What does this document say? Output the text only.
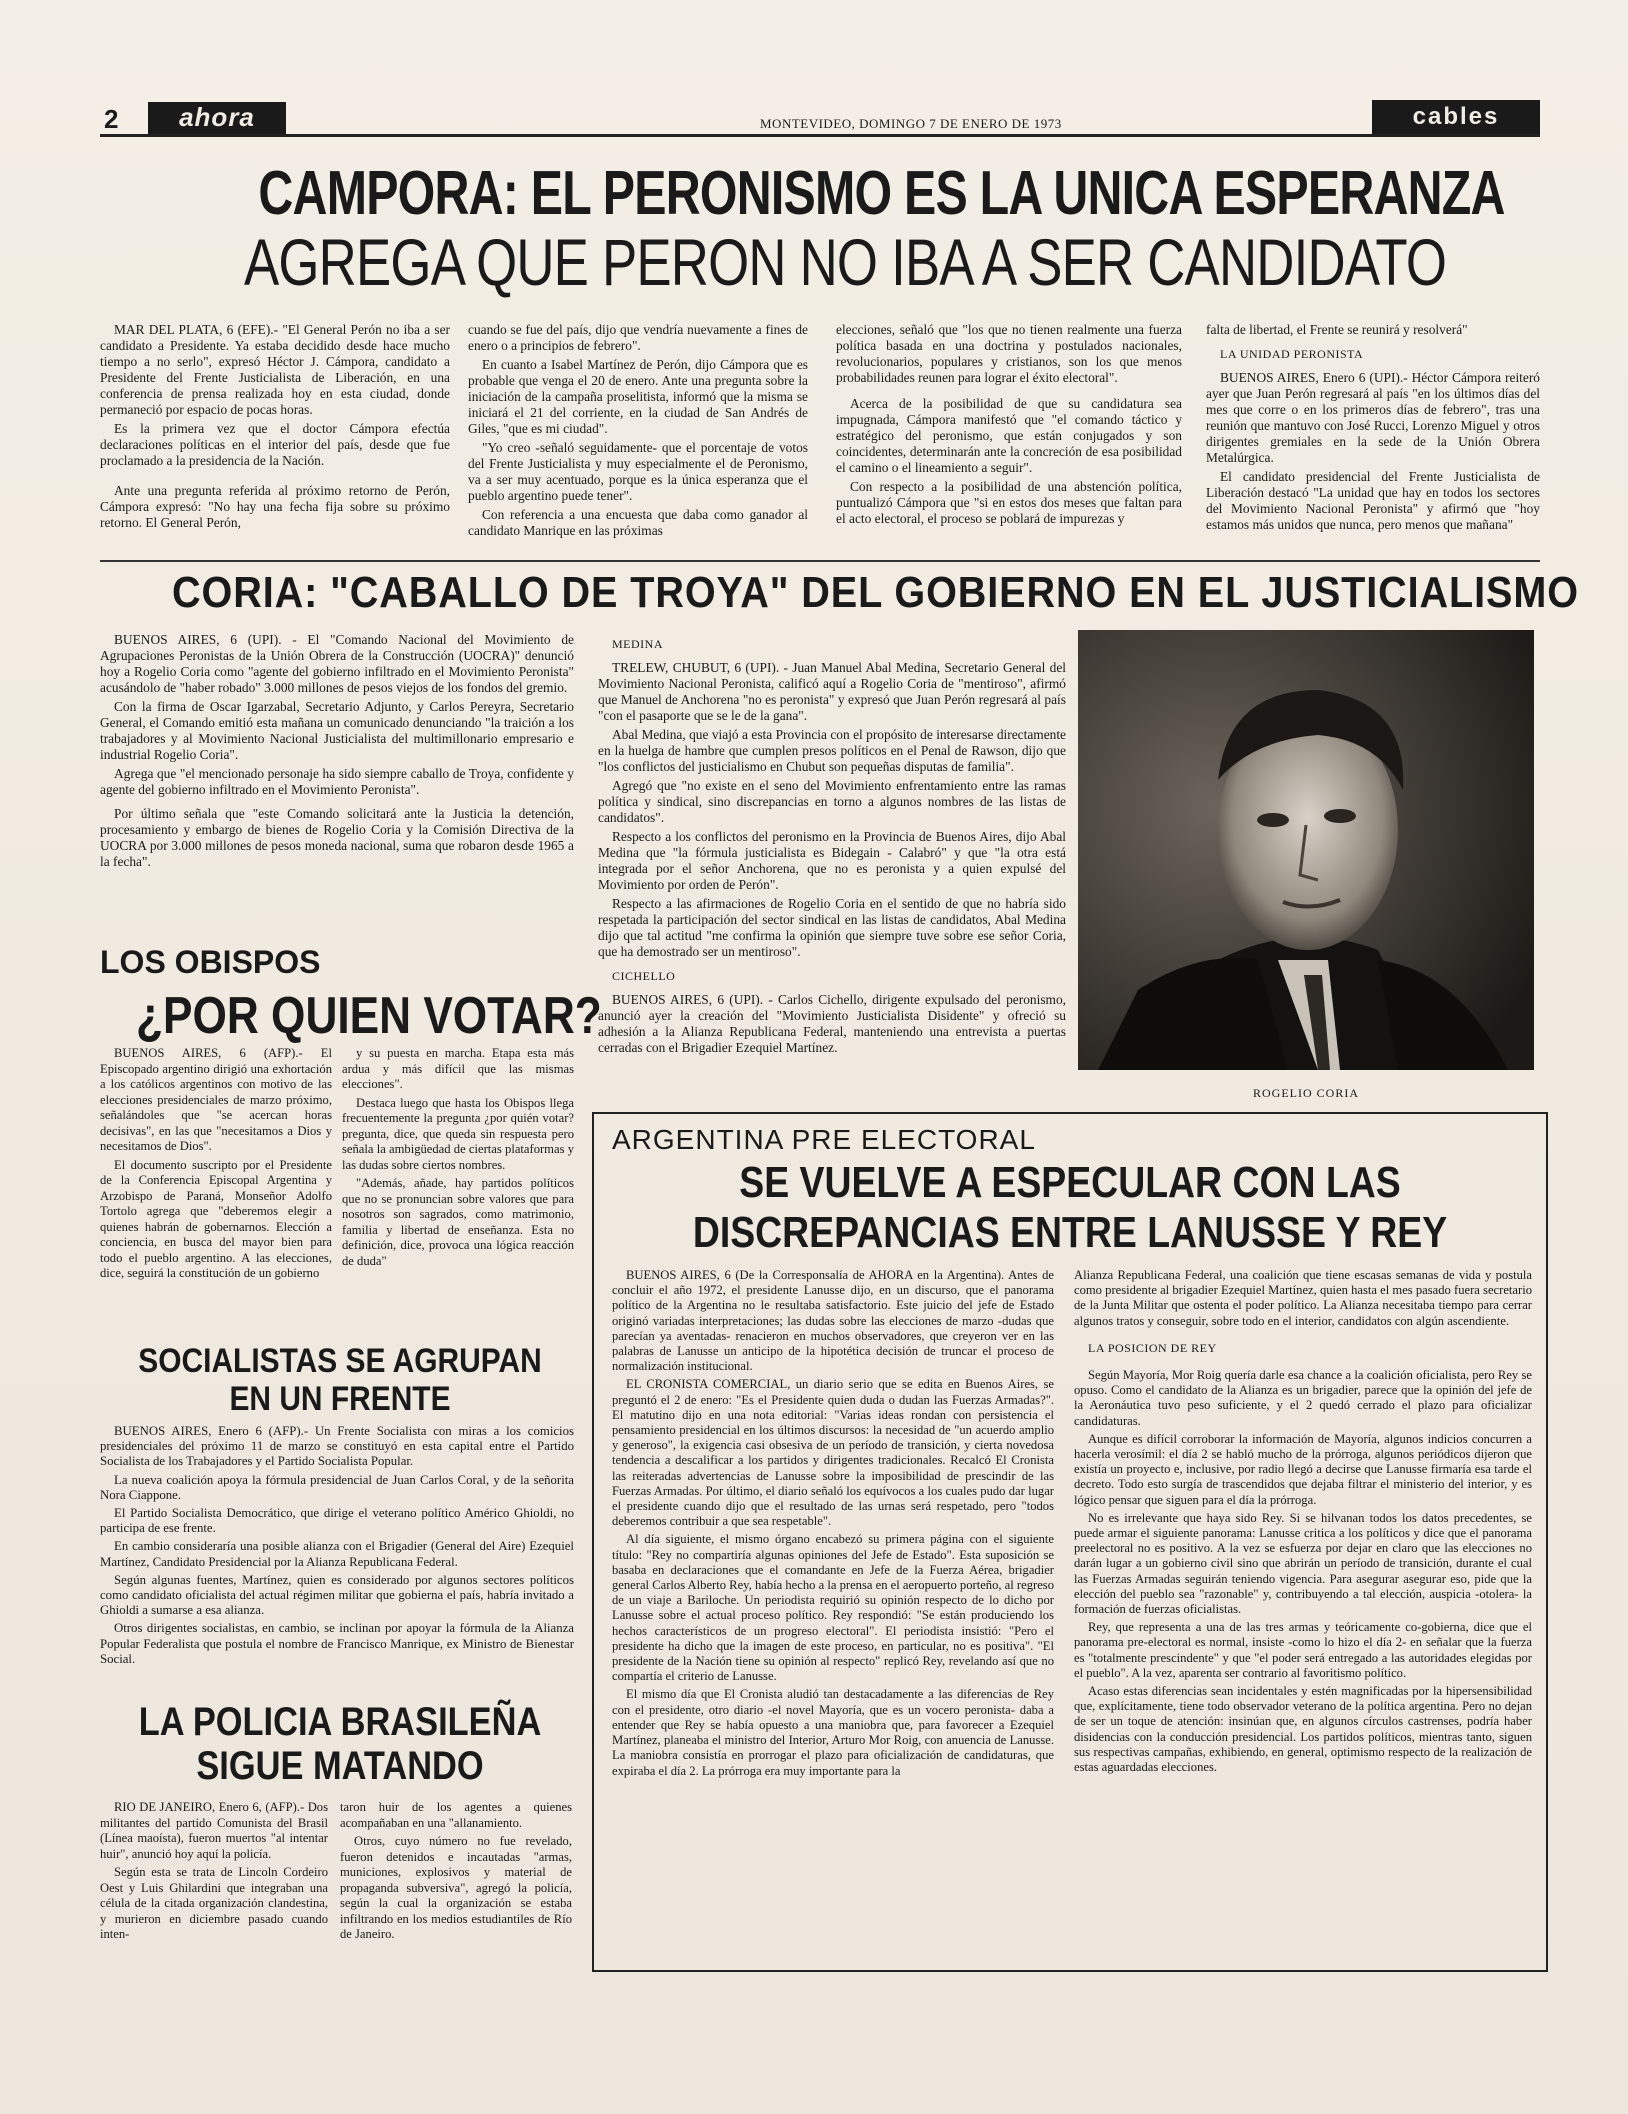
2	ahora	MONTEVIDEO, DOMINGO 7 DE ENERO DE 1973	cables
CAMPORA: EL PERONISMO ES LA UNICA ESPERANZA
AGREGA QUE PERON NO IBA A SER CANDIDATO

MAR DEL PLATA, 6 (EFE).- "El General Perón no iba a ser candidato a Presidente. Ya estaba decidido desde hace mucho tiempo a no serlo", expresó Héctor J. Cámpora, candidato a Presidente del Frente Justicialista de Liberación, en una conferencia de prensa realizada hoy en esta ciudad, donde permaneció por espacio de pocas horas.

Es la primera vez que el doctor Cámpora efectúa declaraciones políticas en el interior del país, desde que fue proclamado a la presidencia de la Nación.

Ante una pregunta referida al próximo retorno de Perón, Cámpora expresó: "No hay una fecha fija sobre su próximo retorno. El General Perón,

cuando se fue del país, dijo que vendría nuevamente a fines de enero o a principios de febrero".

En cuanto a Isabel Martínez de Perón, dijo Cámpora que es probable que venga el 20 de enero. Ante una pregunta sobre la iniciación de la campaña proselitista, informó que la misma se iniciará el 21 del corriente, en la ciudad de San Andrés de Giles, "que es mi ciudad".

"Yo creo -señaló seguidamente- que el porcentaje de votos del Frente Justicialista y muy especialmente el de Peronismo, va a ser muy acentuado, porque es la única esperanza que el pueblo argentino puede tener".

Con referencia a una encuesta que daba como ganador al candidato Manrique en las próximas

elecciones, señaló que "los que no tienen realmente una fuerza política basada en una doctrina y postulados nacionales, revolucionarios, populares y cristianos, son los que menos probabilidades reunen para lograr el éxito electoral".

Acerca de la posibilidad de que su candidatura sea impugnada, Cámpora manifestó que "el comando táctico y estratégico del peronismo, que están conjugados y son coincidentes, determinarán ante la concreción de esa posibilidad el camino o el lineamiento a seguir".

Con respecto a la posibilidad de una abstención política, puntualizó Cámpora que "si en estos dos meses que faltan para el acto electoral, el proceso se poblará de impurezas y

falta de libertad, el Frente se reunirá y resolverá"

LA UNIDAD PERONISTA

BUENOS AIRES, Enero 6 (UPI).- Héctor Cámpora reiteró ayer que Juan Perón regresará al país "en los últimos días del mes que corre o en los primeros días de febrero", tras una reunión que mantuvo con José Rucci, Lorenzo Miguel y otros dirigentes gremiales en la sede de la Unión Obrera Metalúrgica.

El candidato presidencial del Frente Justicialista de Liberación destacó "La unidad que hay en todos los sectores del Movimiento Nacional Peronista" y afirmó que "hoy estamos más unidos que nunca, pero menos que mañana"

CORIA: "CABALLO DE TROYA" DEL GOBIERNO EN EL JUSTICIALISMO

BUENOS AIRES, 6 (UPI). - El "Comando Nacional del Movimiento de Agrupaciones Peronistas de la Unión Obrera de la Construcción (UOCRA)" denunció hoy a Rogelio Coria como "agente del gobierno infiltrado en el Movimiento Peronista" acusándolo de "haber robado" 3.000 millones de pesos viejos de los fondos del gremio.

Con la firma de Oscar Igarzabal, Secretario Adjunto, y Carlos Pereyra, Secretario General, el Comando emitió esta mañana un comunicado denunciando "la traición a los trabajadores y al Movimiento Nacional Justicialista del multimillonario empresario e industrial Rogelio Coria".

Agrega que "el mencionado personaje ha sido siempre caballo de Troya, confidente y agente del gobierno infiltrado en el Movimiento Peronista".

Por último señala que "este Comando solicitará ante la Justicia la detención, procesamiento y embargo de bienes de Rogelio Coria y la Comisión Directiva de la UOCRA por 3.000 millones de pesos moneda nacional, suma que robaron desde 1965 a la fecha".

MEDINA

TRELEW, CHUBUT, 6 (UPI). - Juan Manuel Abal Medina, Secretario General del Movimiento Nacional Peronista, calificó aquí a Rogelio Coria de "mentiroso", afirmó que Manuel de Anchorena "no es peronista" y expresó que Juan Perón regresará al país "con el pasaporte que se le de la gana".

Abal Medina, que viajó a esta Provincia con el propósito de interesarse directamente en la huelga de hambre que cumplen presos políticos en el Penal de Rawson, dijo que "los conflictos del justicialismo en Chubut son pequeñas disputas de familia".

Agregó que "no existe en el seno del Movimiento enfrentamiento entre las ramas política y sindical, sino discrepancias en torno a algunos nombres de las listas de candidatos".

Respecto a los conflictos del peronismo en la Provincia de Buenos Aires, dijo Abal Medina que "la fórmula justicialista es Bidegain - Calabró" y que "la otra está integrada por el señor Anchorena, que no es peronista y a quien expulsé del Movimiento por orden de Perón".

Respecto a las afirmaciones de Rogelio Coria en el sentido de que no habría sido respetada la participación del sector sindical en las listas de candidatos, Abal Medina dijo que tal actitud "me confirma la opinión que siempre tuve sobre ese señor Coria, que ha demostrado ser un mentiroso".

CICHELLO

BUENOS AIRES, 6 (UPI). - Carlos Cichello, dirigente expulsado del peronismo, anunció ayer la creación del "Movimiento Justicialista Disidente" y ofreció su adhesión a la Alianza Republicana Federal, manteniendo una entrevista a puertas cerradas con el Brigadier Ezequiel Martínez.

ROGELIO CORIA
LOS OBISPOS
¿POR QUIEN VOTAR?

BUENOS AIRES, 6 (AFP).- El Episcopado argentino dirigió una exhortación a los católicos argentinos con motivo de las elecciones presidenciales de marzo próximo, señalándoles que "se acercan horas decisivas", en las que "necesitamos a Dios y necesitamos de Dios".

El documento suscripto por el Presidente de la Conferencia Episcopal Argentina y Arzobispo de Paraná, Monseñor Adolfo Tortolo agrega que "deberemos elegir a quienes habrán de gobernarnos. Elección a conciencia, en busca del mayor bien para todo el pueblo argentino. A las elecciones, dice, seguirá la constitución de un gobierno

y su puesta en marcha. Etapa esta más ardua y más difícil que las mismas elecciones".

Destaca luego que hasta los Obispos llega frecuentemente la pregunta ¿por quién votar? pregunta, dice, que queda sin respuesta pero señala la ambigüedad de ciertas plataformas y las dudas sobre ciertos nombres.

"Además, añade, hay partidos políticos que no se pronuncian sobre valores que para nosotros son sagrados, como matrimonio, familia y libertad de enseñanza. Esta no definición, dice, provoca una lógica reacción de duda"

SOCIALISTAS SE AGRUPAN EN UN FRENTE

BUENOS AIRES, Enero 6 (AFP).- Un Frente Socialista con miras a los comicios presidenciales del próximo 11 de marzo se constituyó en esta capital entre el Partido Socialista de los Trabajadores y el Partido Socialista Popular.

La nueva coalición apoya la fórmula presidencial de Juan Carlos Coral, y de la señorita Nora Ciappone.

El Partido Socialista Democrático, que dirige el veterano político Américo Ghioldi, no participa de ese frente.

En cambio consideraría una posible alianza con el Brigadier (General del Aire) Ezequiel Martínez, Candidato Presidencial por la Alianza Republicana Federal.

Según algunas fuentes, Martínez, quien es considerado por algunos sectores políticos como candidato oficialista del actual régimen militar que gobierna el país, habría invitado a Ghioldi a sumarse a esa alianza.

Otros dirigentes socialistas, en cambio, se inclinan por apoyar la fórmula de la Alianza Popular Federalista que postula el nombre de Francisco Manrique, ex Ministro de Bienestar Social.

LA POLICIA BRASILEÑA SIGUE MATANDO

RIO DE JANEIRO, Enero 6, (AFP).- Dos militantes del partido Comunista del Brasil (Línea maoísta), fueron muertos "al intentar huir", anunció hoy aquí la policía.

Según esta se trata de Lincoln Cordeiro Oest y Luis Ghilardini que integraban una célula de la citada organización clandestina, y murieron en diciembre pasado cuando inten-

taron huir de los agentes a quienes acompañaban en una "allanamiento.

Otros, cuyo número no fue revelado, fueron detenidos e incautadas "armas, municiones, explosivos y material de propaganda subversiva", agregó la policía, según la cual la organización se estaba infiltrando en los medios estudiantiles de Río de Janeiro.

ARGENTINA PRE ELECTORAL
SE VUELVE A ESPECULAR CON LAS DISCREPANCIAS ENTRE LANUSSE Y REY

BUENOS AIRES, 6 (De la Corresponsalía de AHORA en la Argentina). Antes de concluir el año 1972, el presidente Lanusse dijo, en un discurso, que el panorama político de la Argentina no le resultaba satisfactorio. Este juicio del jefe de Estado originó variadas interpretaciones; las dudas sobre las elecciones de marzo -dudas que parecían ya aventadas- renacieron en muchos observadores, que creyeron ver en las palabras de Lanusse un anticipo de la hipotética decisión de truncar el proceso de normalización institucional.

EL CRONISTA COMERCIAL, un diario serio que se edita en Buenos Aires, se preguntó el 2 de enero: "Es el Presidente quien duda o dudan las Fuerzas Armadas?". El matutino dijo en una nota editorial: "Varias ideas rondan con persistencia el pensamiento presidencial en los últimos discursos: la necesidad de "un acuerdo amplio y generoso", la exigencia casi obsesiva de un período de transición, y cierta novedosa tendencia a descalificar a los partidos y dirigentes tradicionales. Recalcó El Cronista las reiteradas advertencias de Lanusse sobre la imposibilidad de prescindir de las Fuerzas Armadas. Por último, el diario señaló los equívocos a los cuales pudo dar lugar el presidente cuando dijo que el resultado de las urnas será respetado, pero "todos deberemos contribuir a que sea respetable".

Al día siguiente, el mismo órgano encabezó su primera página con el siguiente título: "Rey no compartiría algunas opiniones del Jefe de Estado". Esta suposición se basaba en declaraciones que el comandante en Jefe de la Fuerza Aérea, brigadier general Carlos Alberto Rey, había hecho a la prensa en el aeropuerto porteño, al regreso de un viaje a Bariloche. Un periodista requirió su opinión respecto de lo dicho por Lanusse sobre el actual proceso político. Rey respondió: "Se están produciendo los hechos característicos de un progreso electoral". El periodista insistió: "Pero el presidente ha dicho que la imagen de este proceso, en particular, no es positiva". "El presidente de la Nación tiene su opinión al respecto" replicó Rey, revelando así que no compartía el criterio de Lanusse.

El mismo día que El Cronista aludió tan destacadamente a las diferencias de Rey con el presidente, otro diario -el novel Mayoría, que es un vocero peronista- daba a entender que Rey se había opuesto a una maniobra que, para favorecer a Ezequiel Martínez, planeaba el ministro del Interior, Arturo Mor Roig, con anuencia de Lanusse. La maniobra consistía en prorrogar el plazo para oficialización de candidaturas, que expiraba el día 2. La prórroga era muy importante para la

Alianza Republicana Federal, una coalición que tiene escasas semanas de vida y postula como presidente al brigadier Ezequiel Martínez, quien hasta el mes pasado fuera secretario de la Junta Militar que ostenta el poder político. La Alianza necesitaba tiempo para cerrar algunos tratos y conseguir, sobre todo en el interior, candidatos con algún ascendiente.

LA POSICION DE REY

Según Mayoría, Mor Roig quería darle esa chance a la coalición oficialista, pero Rey se opuso. Como el candidato de la Alianza es un brigadier, parece que la opinión del jefe de la Aeronáutica tuvo peso suficiente, y el 2 quedó cerrado el plazo para oficializar candidaturas.

Aunque es difícil corroborar la información de Mayoría, algunos indicios concurren a hacerla verosímil: el día 2 se habló mucho de la prórroga, algunos periódicos dijeron que existía un proyecto e, inclusive, por radio llegó a decirse que Lanusse firmaría esa tarde el decreto. Todo esto surgía de trascendidos que dejaba filtrar el ministerio del interior, y es lógico pensar que siguen para el día la prórroga.

No es irrelevante que haya sido Rey. Si se hilvanan todos los datos precedentes, se puede armar el siguiente panorama: Lanusse critica a los políticos y dice que el panorama preelectoral no es positivo. A la vez se esfuerza por dejar en claro que las elecciones no darán lugar a un gobierno civil sino que abrirán un período de transición, durante el cual las Fuerzas Armadas seguirán teniendo vigencia. Para asegurar asegurar eso, pide que la elección del pueblo sea "razonable" y, contribuyendo a tal elección, auspicia -otolera- la formación de fuerzas oficialistas.

Rey, que representa a una de las tres armas y teóricamente co-gobierna, dice que el panorama pre-electoral es normal, insiste -como lo hizo el día 2- en señalar que la fuerza es "totalmente prescindente" y que "el poder será entregado a las autoridades elegidas por el pueblo". A la vez, aparenta ser contrario al favoritismo político.

Acaso estas diferencias sean incidentales y estén magnificadas por la hipersensibilidad que, explícitamente, tiene todo observador veterano de la política argentina. Pero no dejan de ser un toque de atención: insinúan que, en algunos círculos castrenses, podría haber disidencias con la conducción presidencial. Los partidos políticos, mientras tanto, siguen sus respectivas campañas, exhibiendo, en general, optimismo respecto de la realización de estas aguardadas elecciones.
